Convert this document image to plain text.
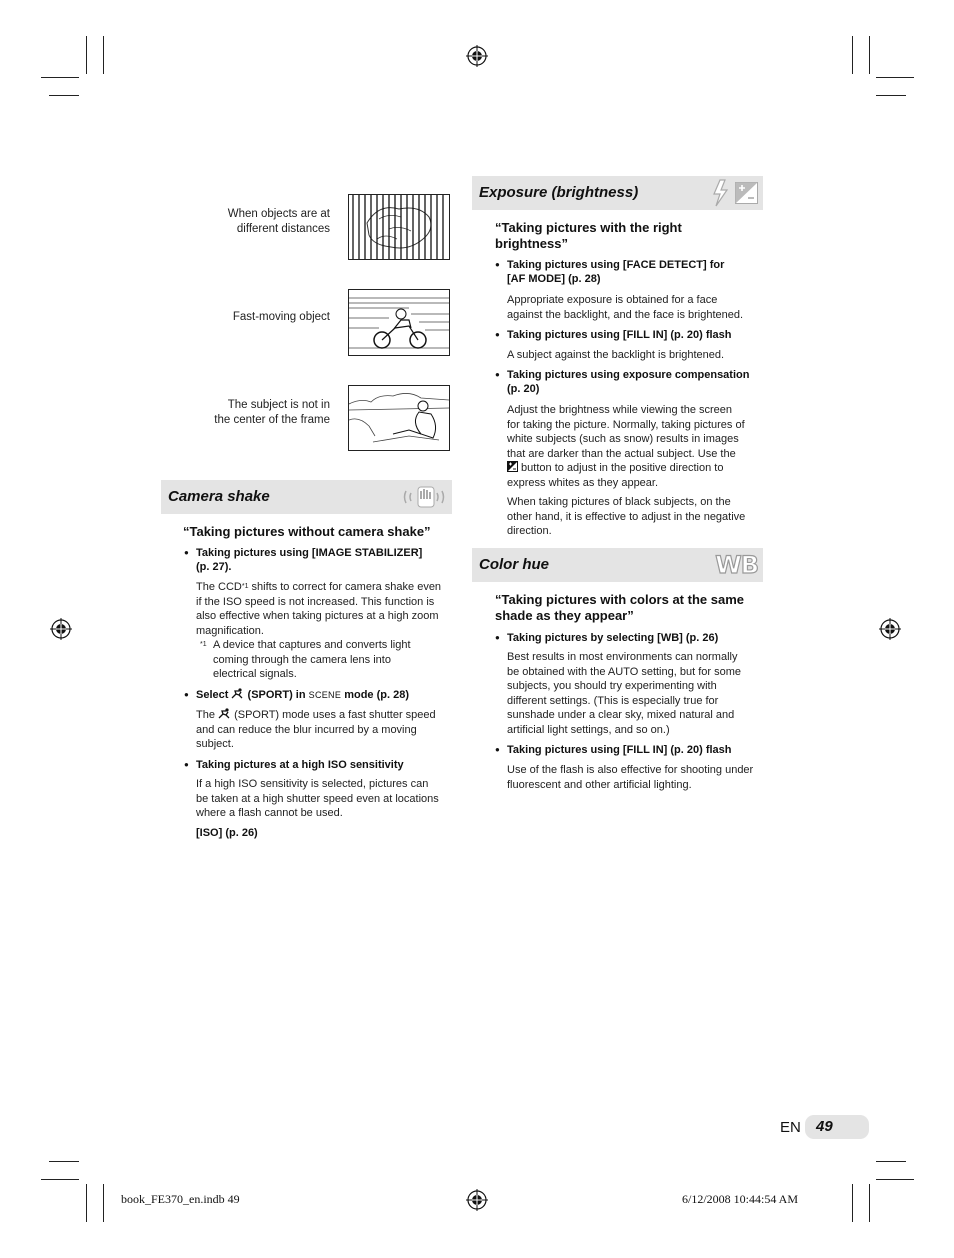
When objects are at
different distances
Fast-moving object
The subject is not in
the center of the frame
Camera shake
“Taking pictures without camera shake”
● Taking pictures using [IMAGE STABILIZER]
(p. 27).
The CCD$^{*1}$ shifts to correct for camera shake even
if the ISO speed is not increased. This function is
also effective when taking pictures at a high zoom
magnification.
*1 A device that captures and converts light
coming through the camera lens into
electrical signals.
● Select  (SPORT) in SCENE mode (p. 28)
The  (SPORT) mode uses a fast shutter speed
and can reduce the blur incurred by a moving
subject.
● Taking pictures at a high ISO sensitivity
If a high ISO sensitivity is selected, pictures can
be taken at a high shutter speed even at locations
where a flash cannot be used.
[ISO] (p. 26)
Exposure (brightness)
“Taking pictures with the right
brightness”
● Taking pictures using [FACE DETECT] for
[AF MODE] (p. 28)
Appropriate exposure is obtained for a face
against the backlight, and the face is brightened.
● Taking pictures using [FILL IN] (p. 20) flash
A subject against the backlight is brightened.
● Taking pictures using exposure compensation
(p. 20)
Adjust the brightness while viewing the screen
for taking the picture. Normally, taking pictures of
white subjects (such as snow) results in images
that are darker than the actual subject. Use the
button to adjust in the positive direction to
express whites as they appear.
When taking pictures of black subjects, on the
other hand, it is effective to adjust in the negative
direction.
Color hue	WB
“Taking pictures with colors at the same
shade as they appear”
● Taking pictures by selecting [WB] (p. 26)
Best results in most environments can normally
be obtained with the AUTO setting, but for some
subjects, you should try experimenting with
different settings. (This is especially true for
sunshade under a clear sky, mixed natural and
artificial light settings, and so on.)
● Taking pictures using [FILL IN] (p. 20) flash
Use of the flash is also effective for shooting under
fluorescent and other artificial lighting.
EN 49
book_FE370_en.indb 49	6/12/2008 10:44:54 AM
